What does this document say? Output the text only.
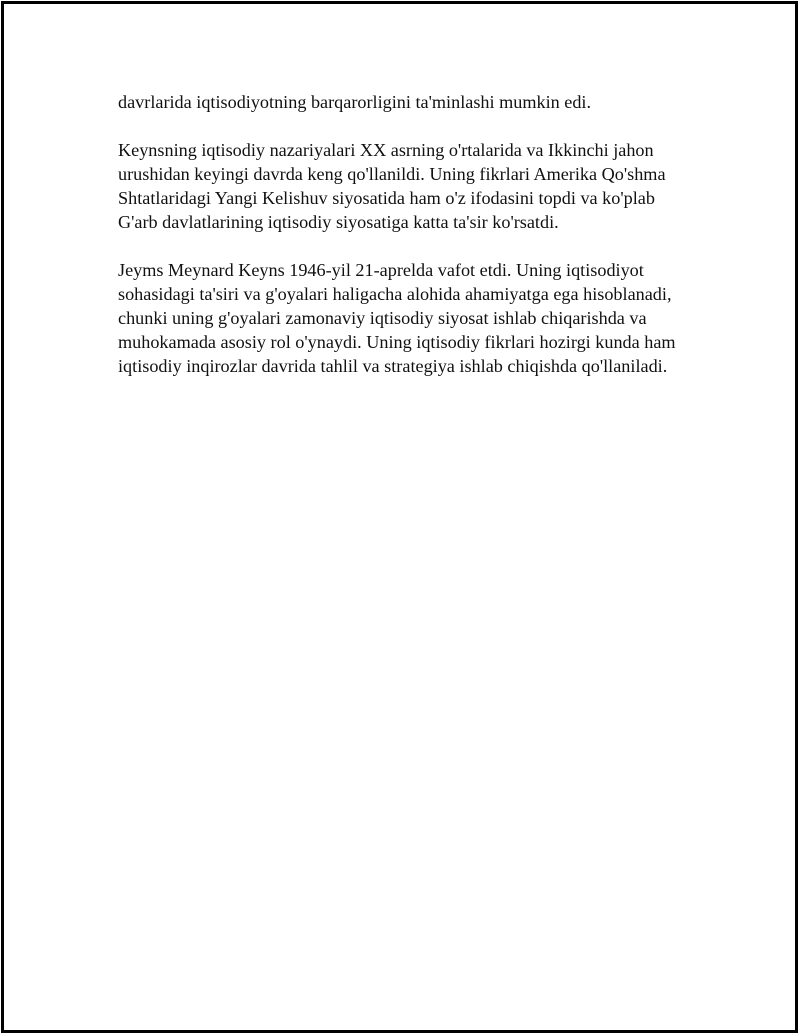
davrlarida iqtisodiyotning barqarorligini ta'minlashi mumkin edi.

Keynsning iqtisodiy nazariyalari XX asrning o'rtalarida va Ikkinchi jahon
urushidan keyingi davrda keng qo'llanildi. Uning fikrlari Amerika Qo'shma
Shtatlaridagi Yangi Kelishuv siyosatida ham o'z ifodasini topdi va ko'plab
G'arb davlatlarining iqtisodiy siyosatiga katta ta'sir ko'rsatdi.

Jeyms Meynard Keyns 1946-yil 21-aprelda vafot etdi. Uning iqtisodiyot
sohasidagi ta'siri va g'oyalari haligacha alohida ahamiyatga ega hisoblanadi,
chunki uning g'oyalari zamonaviy iqtisodiy siyosat ishlab chiqarishda va
muhokamada asosiy rol o'ynaydi. Uning iqtisodiy fikrlari hozirgi kunda ham
iqtisodiy inqirozlar davrida tahlil va strategiya ishlab chiqishda qo'llaniladi.
